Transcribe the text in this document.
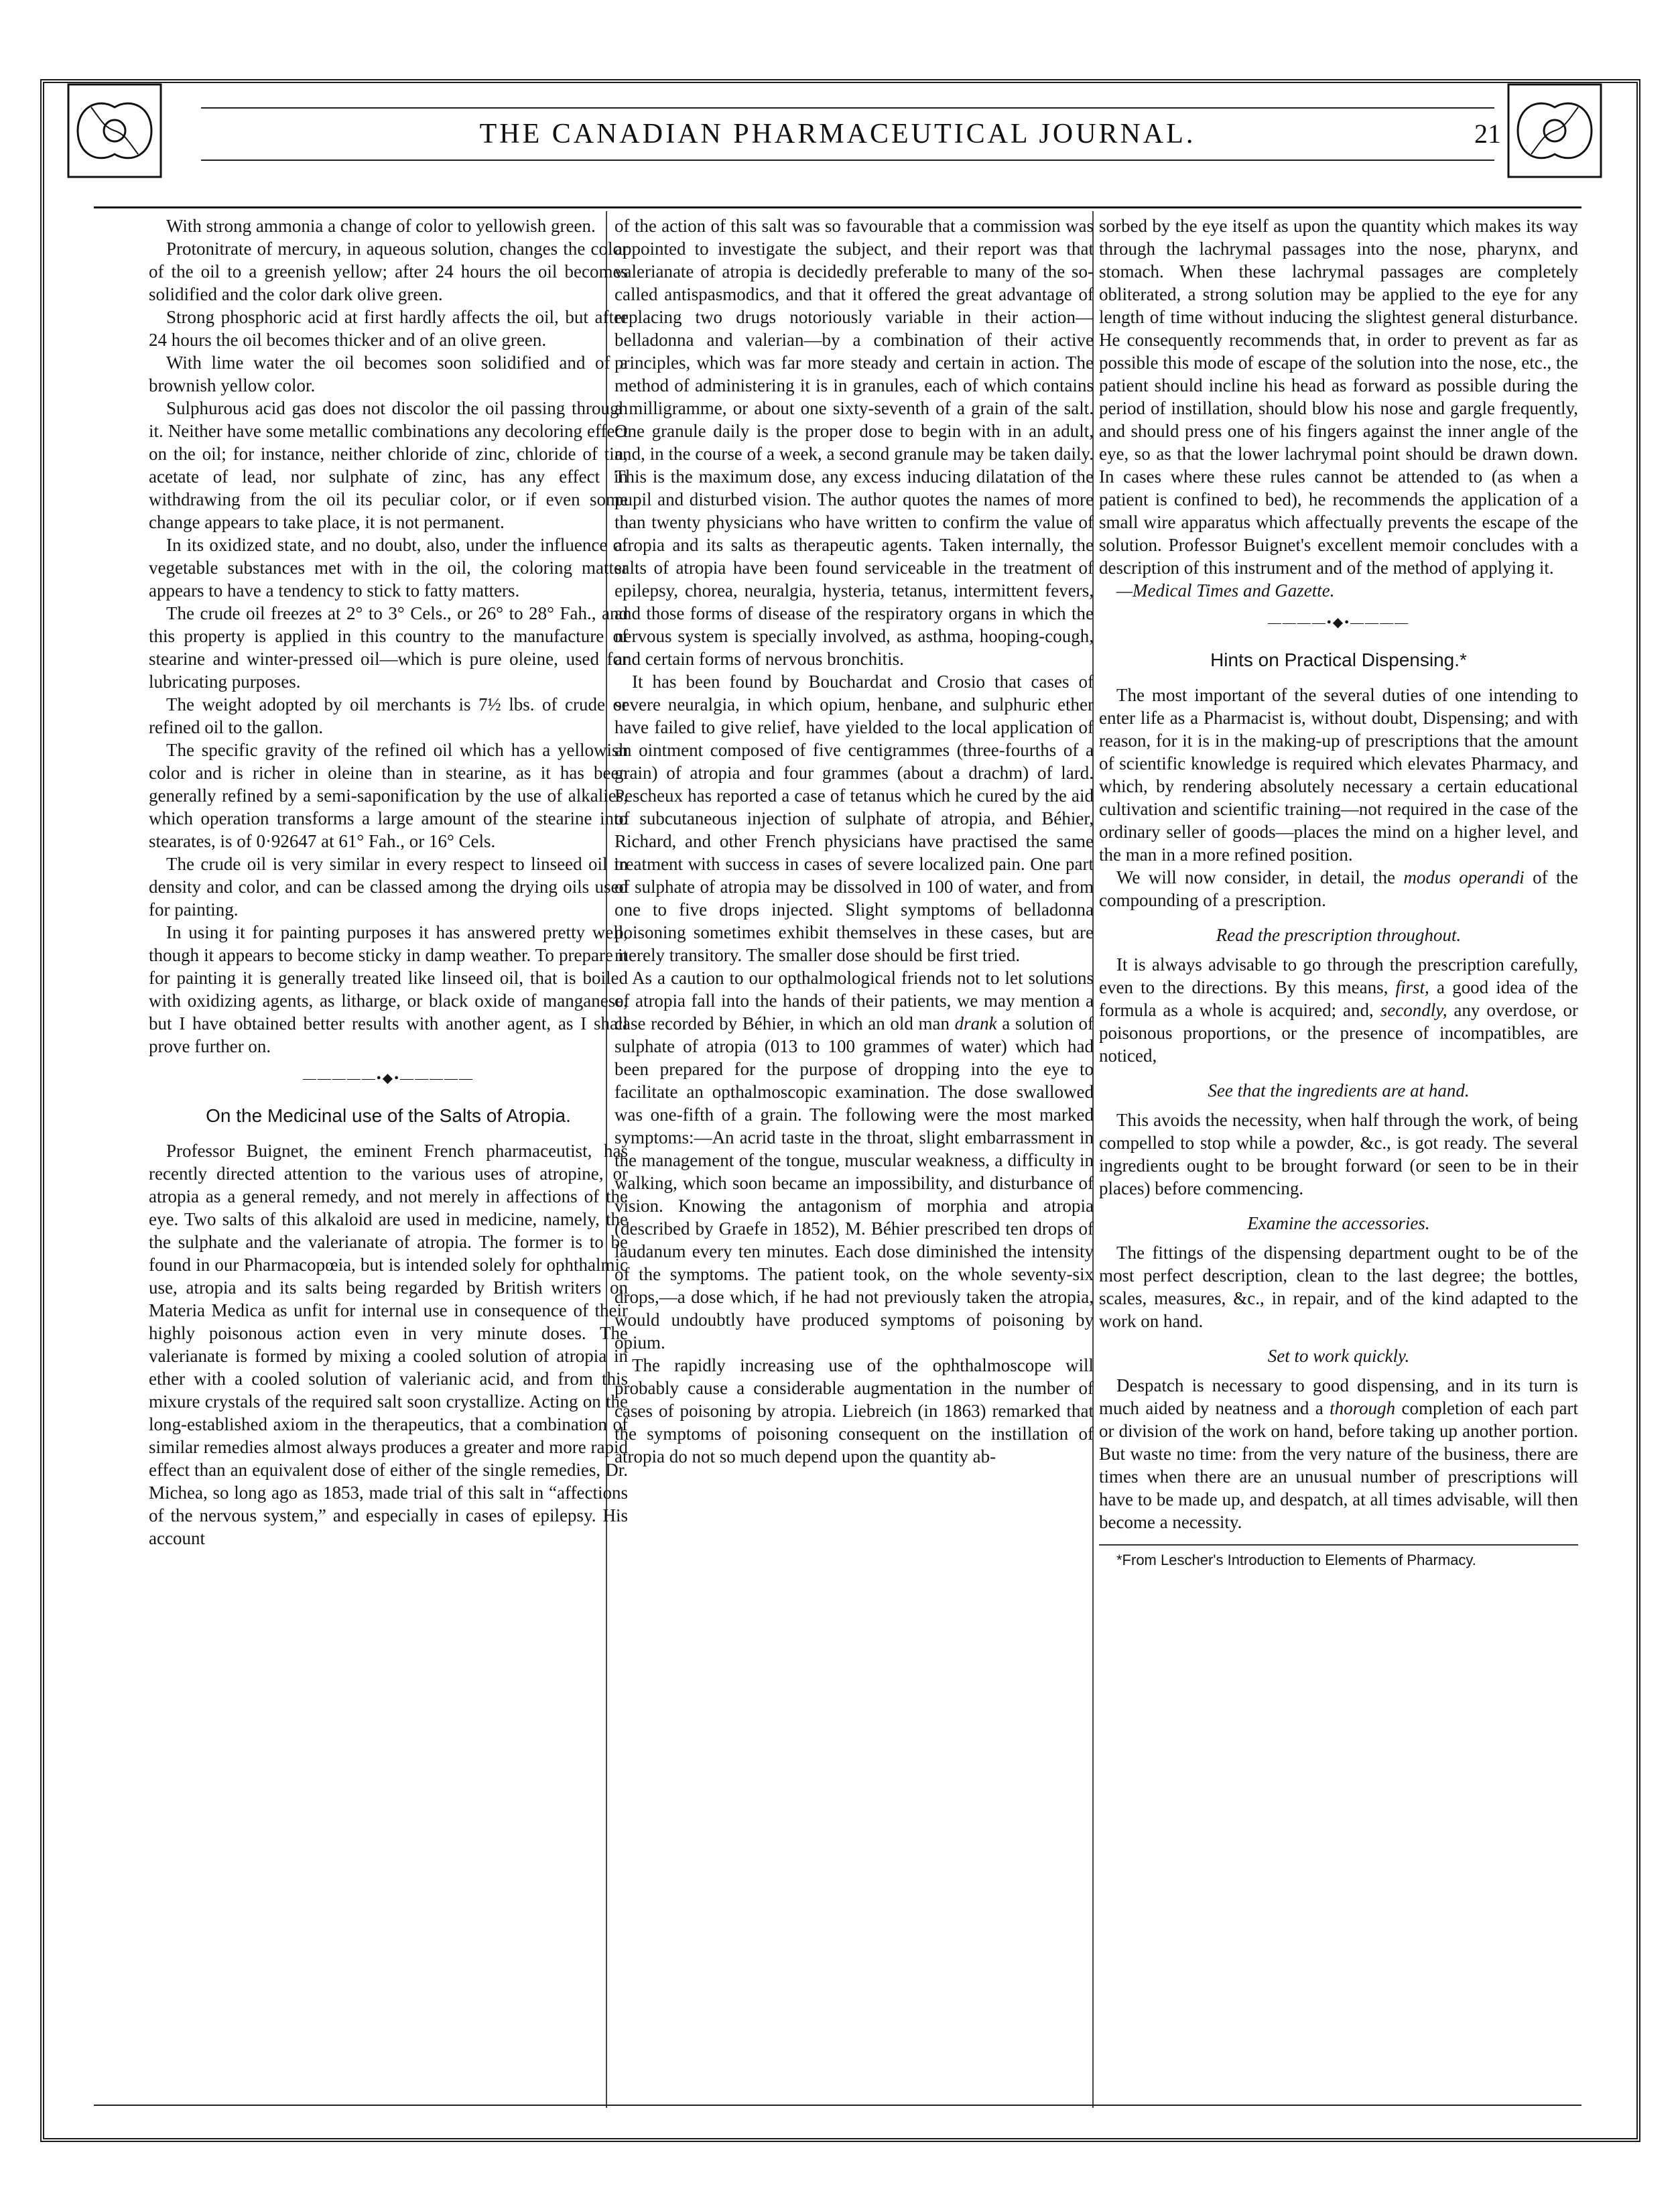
THE CANADIAN PHARMACEUTICAL JOURNAL.	21

With strong ammonia a change of color to yellowish green.

Protonitrate of mercury, in aqueous solution, changes the color of the oil to a greenish yellow; after 24 hours the oil becomes solidified and the color dark olive green.

Strong phosphoric acid at first hardly affects the oil, but after 24 hours the oil becomes thicker and of an olive green.

With lime water the oil becomes soon solidified and of a brownish yellow color.

Sulphurous acid gas does not discolor the oil passing through it. Neither have some metallic combinations any decoloring effect on the oil; for instance, neither chloride of zinc, chloride of tin, acetate of lead, nor sulphate of zinc, has any effect in withdrawing from the oil its peculiar color, or if even some change appears to take place, it is not permanent.

In its oxidized state, and no doubt, also, under the influence of vegetable substances met with in the oil, the coloring matter appears to have a tendency to stick to fatty matters.

The crude oil freezes at 2° to 3° Cels., or 26° to 28° Fah., and this property is applied in this country to the manufacture of stearine and winter-pressed oil—which is pure oleine, used for lubricating purposes.

The weight adopted by oil merchants is 7½ lbs. of crude or refined oil to the gallon.

The specific gravity of the refined oil which has a yellowish color and is richer in oleine than in stearine, as it has been generally refined by a semi-saponification by the use of alkalies, which operation transforms a large amount of the stearine into stearates, is of 0·92647 at 61° Fah., or 16° Cels.

The crude oil is very similar in every respect to linseed oil in density and color, and can be classed among the drying oils used for painting.

In using it for painting purposes it has answered pretty well, though it appears to become sticky in damp weather. To prepare it for painting it is generally treated like linseed oil, that is boiled with oxidizing agents, as litharge, or black oxide of manganese, but I have obtained better results with another agent, as I shall prove further on.

—————•◆•—————
On the Medicinal use of the Salts of Atropia.

Professor Buignet, the eminent French pharmaceutist, has recently directed attention to the various uses of atropine, or atropia as a general remedy, and not merely in affections of the eye. Two salts of this alkaloid are used in medicine, namely, the the sulphate and the valerianate of atropia. The former is to be found in our Pharmacopœia, but is intended solely for ophthalmic use, atropia and its salts being regarded by British writers on Materia Medica as unfit for internal use in consequence of their highly poisonous action even in very minute doses. The valerianate is formed by mixing a cooled solution of atropia in ether with a cooled solution of valerianic acid, and from this mixure crystals of the required salt soon crystallize. Acting on the long-established axiom in the therapeutics, that a combination of similar remedies almost always produces a greater and more rapid effect than an equivalent dose of either of the single remedies, Dr. Michea, so long ago as 1853, made trial of this salt in “affections of the nervous system,” and especially in cases of epilepsy. His account

of the action of this salt was so favourable that a commission was appointed to investigate the subject, and their report was that valerianate of atropia is decidedly preferable to many of the so-called antispasmodics, and that it offered the great advantage of replacing two drugs notoriously variable in their action—belladonna and valerian—by a combination of their active principles, which was far more steady and certain in action. The method of administering it is in granules, each of which contains a milligramme, or about one sixty-seventh of a grain of the salt. One granule daily is the proper dose to begin with in an adult, and, in the course of a week, a second granule may be taken daily. This is the maximum dose, any excess inducing dilatation of the pupil and disturbed vision. The author quotes the names of more than twenty physicians who have written to confirm the value of atropia and its salts as therapeutic agents. Taken internally, the salts of atropia have been found serviceable in the treatment of epilepsy, chorea, neuralgia, hysteria, tetanus, intermittent fevers, and those forms of disease of the respiratory organs in which the nervous system is specially involved, as asthma, hooping-cough, and certain forms of nervous bronchitis.

It has been found by Bouchardat and Crosio that cases of severe neuralgia, in which opium, henbane, and sulphuric ether have failed to give relief, have yielded to the local application of an ointment composed of five centigrammes (three-fourths of a grain) of atropia and four grammes (about a drachm) of lard. Pescheux has reported a case of tetanus which he cured by the aid of subcutaneous injection of sulphate of atropia, and Béhier, Richard, and other French physicians have practised the same treatment with success in cases of severe localized pain. One part of sulphate of atropia may be dissolved in 100 of water, and from one to five drops injected. Slight symptoms of belladonna poisoning sometimes exhibit themselves in these cases, but are merely transitory. The smaller dose should be first tried.

As a caution to our opthalmological friends not to let solutions of atropia fall into the hands of their patients, we may mention a case recorded by Béhier, in which an old man drank a solution of sulphate of atropia (013 to 100 grammes of water) which had been prepared for the purpose of dropping into the eye to facilitate an opthalmoscopic examination. The dose swallowed was one-fifth of a grain. The following were the most marked symptoms:—An acrid taste in the throat, slight embarrassment in the management of the tongue, muscular weakness, a difficulty in walking, which soon became an impossibility, and disturbance of vision. Knowing the antagonism of morphia and atropia (described by Graefe in 1852), M. Béhier prescribed ten drops of laudanum every ten minutes. Each dose diminished the intensity of the symptoms. The patient took, on the whole seventy-six drops,—a dose which, if he had not previously taken the atropia, would undoubtly have produced symptoms of poisoning by opium.

The rapidly increasing use of the ophthalmoscope will probably cause a considerable augmentation in the number of cases of poisoning by atropia. Liebreich (in 1863) remarked that the symptoms of poisoning consequent on the instillation of atropia do not so much depend upon the quantity ab-

sorbed by the eye itself as upon the quantity which makes its way through the lachrymal passages into the nose, pharynx, and stomach. When these lachrymal passages are completely obliterated, a strong solution may be applied to the eye for any length of time without inducing the slightest general disturbance. He consequently recommends that, in order to prevent as far as possible this mode of escape of the solution into the nose, etc., the patient should incline his head as forward as possible during the period of instillation, should blow his nose and gargle frequently, and should press one of his fingers against the inner angle of the eye, so as that the lower lachrymal point should be drawn down. In cases where these rules cannot be attended to (as when a patient is confined to bed), he recommends the application of a small wire apparatus which affectually prevents the escape of the solution. Professor Buignet's excellent memoir concludes with a description of this instrument and of the method of applying it.

—Medical Times and Gazette.

————•◆•————
Hints on Practical Dispensing.*

The most important of the several duties of one intending to enter life as a Pharmacist is, without doubt, Dispensing; and with reason, for it is in the making-up of prescriptions that the amount of scientific knowledge is required which elevates Pharmacy, and which, by rendering absolutely necessary a certain educational cultivation and scientific training—not required in the case of the ordinary seller of goods—places the mind on a higher level, and the man in a more refined position.

We will now consider, in detail, the modus operandi of the compounding of a prescription.

Read the prescription throughout.

It is always advisable to go through the prescription carefully, even to the directions. By this means, first, a good idea of the formula as a whole is acquired; and, secondly, any overdose, or poisonous proportions, or the presence of incompatibles, are noticed,

See that the ingredients are at hand.

This avoids the necessity, when half through the work, of being compelled to stop while a powder, &c., is got ready. The several ingredients ought to be brought forward (or seen to be in their places) before commencing.

Examine the accessories.

The fittings of the dispensing department ought to be of the most perfect description, clean to the last degree; the bottles, scales, measures, &c., in repair, and of the kind adapted to the work on hand.

Set to work quickly.

Despatch is necessary to good dispensing, and in its turn is much aided by neatness and a thorough completion of each part or division of the work on hand, before taking up another portion. But waste no time: from the very nature of the business, there are times when there are an unusual number of prescriptions will have to be made up, and despatch, at all times advisable, will then become a necessity.

*From Lescher's Introduction to Elements of Pharmacy.
